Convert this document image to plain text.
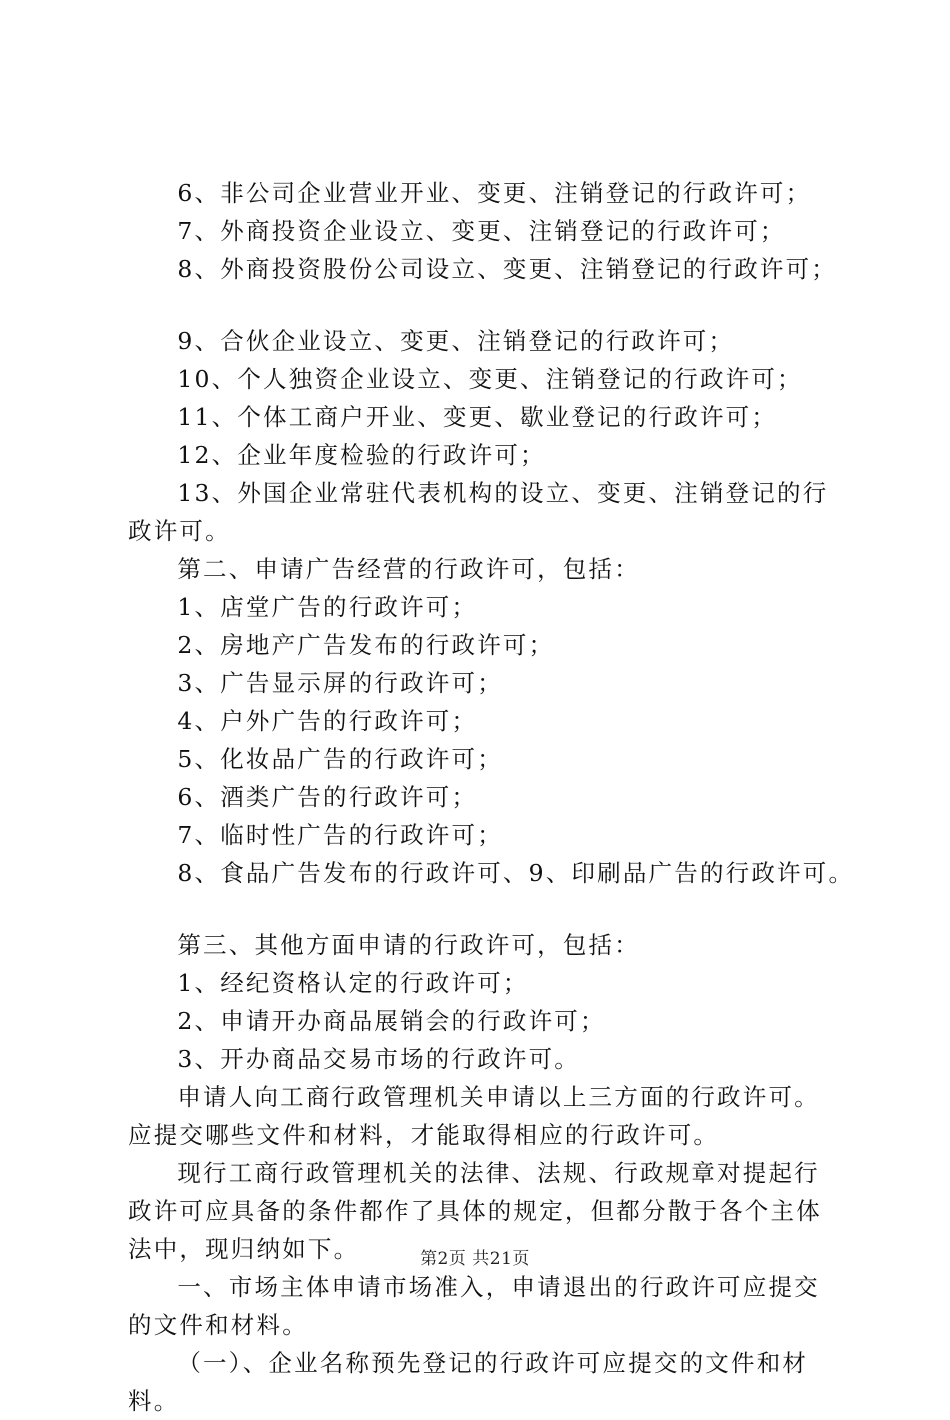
6、非公司企业营业开业、变更、注销登记的行政许可；

7、外商投资企业设立、变更、注销登记的行政许可；

8、外商投资股份公司设立、变更、注销登记的行政许可；

9、合伙企业设立、变更、注销登记的行政许可；

10、个人独资企业设立、变更、注销登记的行政许可；

11、个体工商户开业、变更、歇业登记的行政许可；

12、企业年度检验的行政许可；

13、外国企业常驻代表机构的设立、变更、注销登记的行政许可。

第二、申请广告经营的行政许可，包括：

1、店堂广告的行政许可；

2、房地产广告发布的行政许可；

3、广告显示屏的行政许可；

4、户外广告的行政许可；

5、化妆品广告的行政许可；

6、酒类广告的行政许可；

7、临时性广告的行政许可；

8、食品广告发布的行政许可、9、印刷品广告的行政许可。

第三、其他方面申请的行政许可，包括：

1、经纪资格认定的行政许可；

2、申请开办商品展销会的行政许可；

3、开办商品交易市场的行政许可。

申请人向工商行政管理机关申请以上三方面的行政许可。应提交哪些文件和材料，才能取得相应的行政许可。

现行工商行政管理机关的法律、法规、行政规章对提起行政许可应具备的条件都作了具体的规定，但都分散于各个主体法中，现归纳如下。

一、市场主体申请市场准入，申请退出的行政许可应提交的文件和材料。

（一）、企业名称预先登记的行政许可应提交的文件和材料。

第2页 共21页
